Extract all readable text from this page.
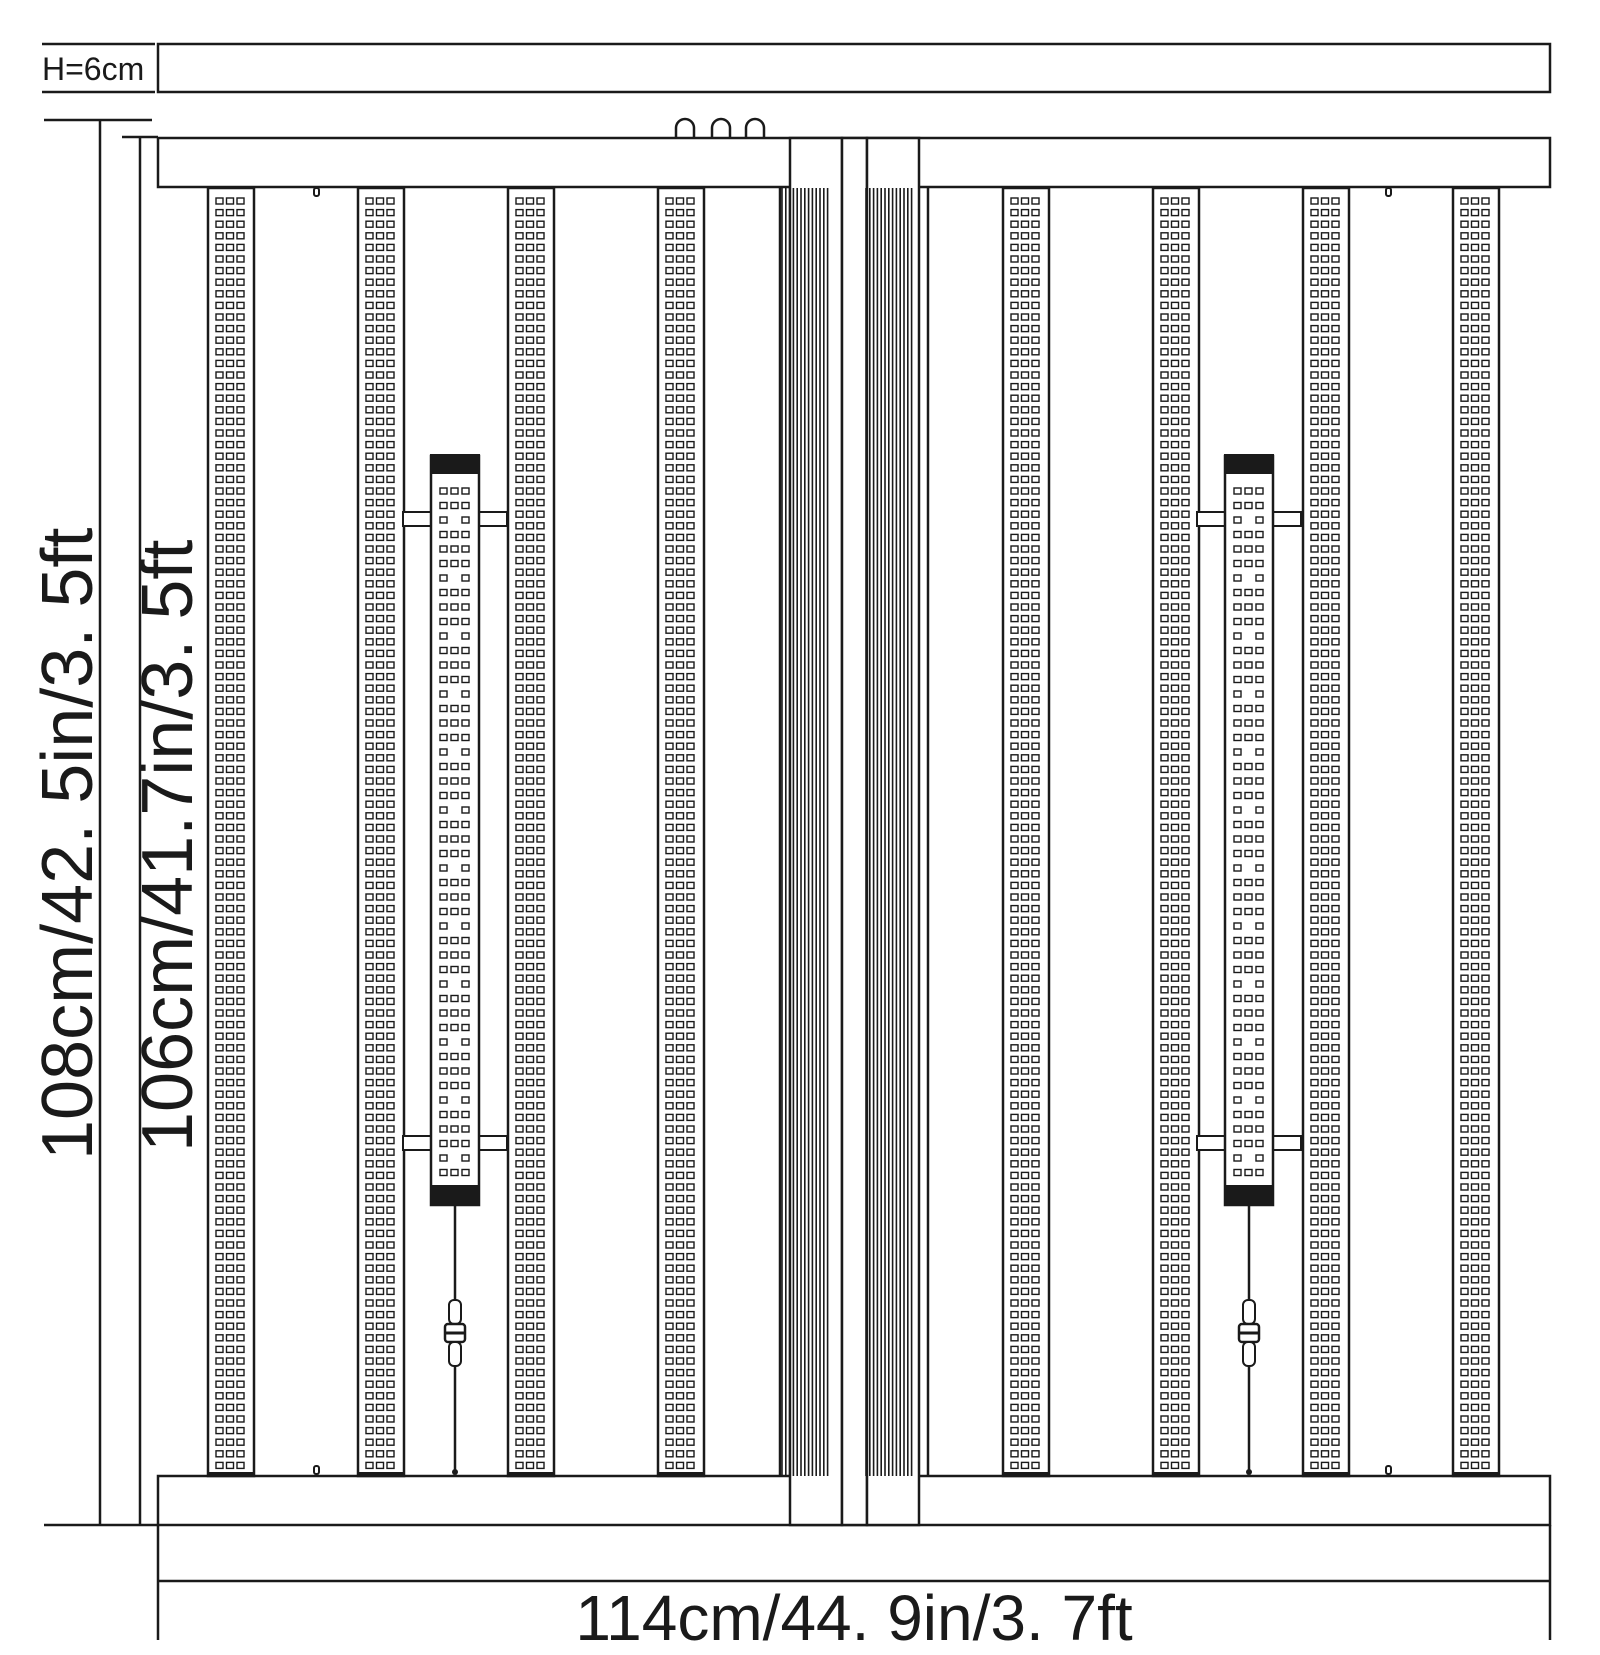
H=6cm
108cm/42. 5in/3. 5ft 106cm/41.7in/3. 5ft
114cm/44. 9in/3. 7ft
